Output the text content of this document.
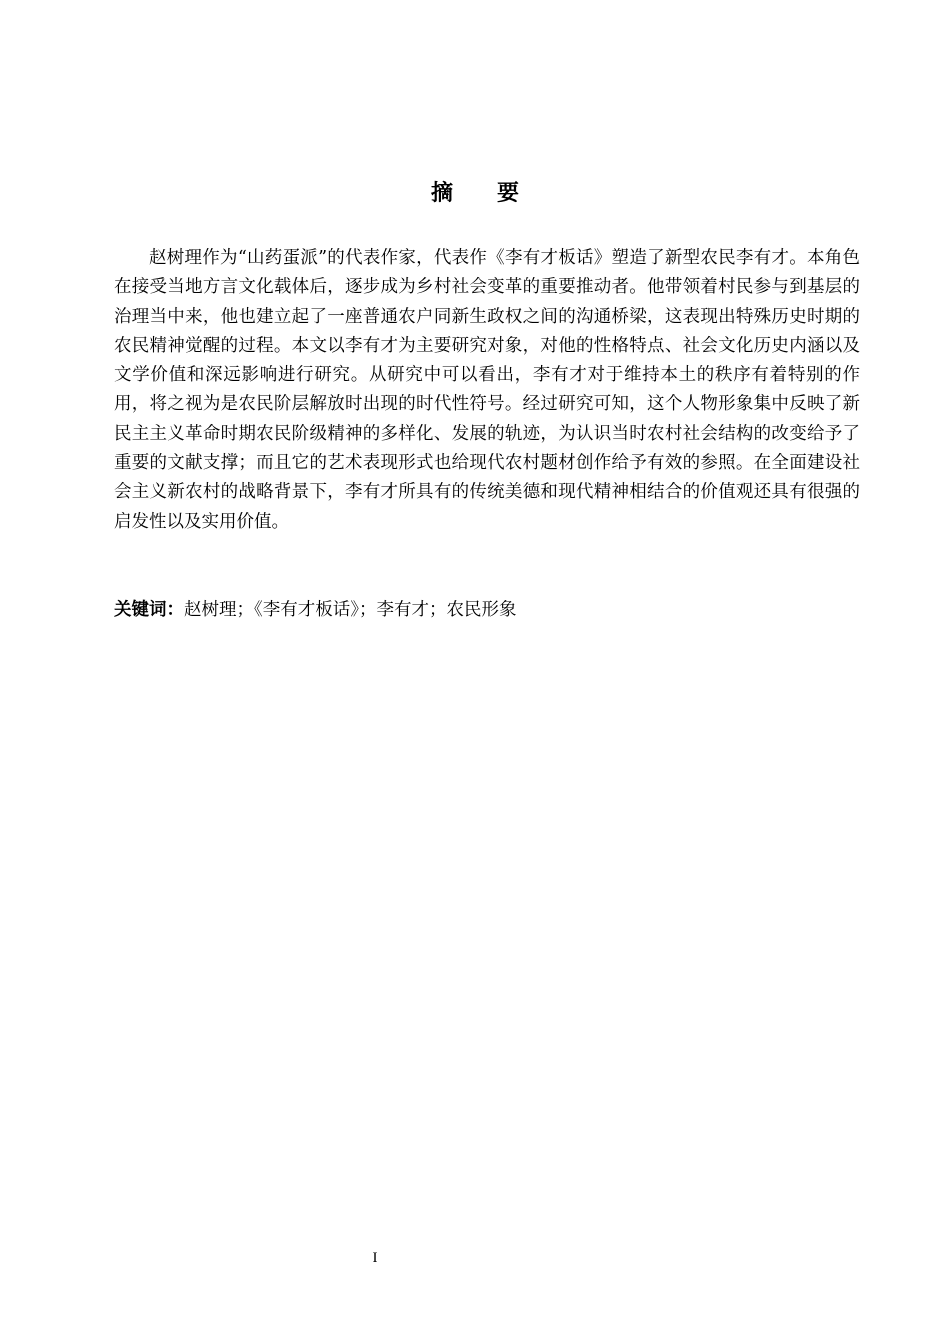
摘 要

赵树理作为“山药蛋派”的代表作家，代表作《李有才板话》塑造了新型农民李有才。本角色在接受当地方言文化载体后，逐步成为乡村社会变革的重要推动者。他带领着村民参与到基层的治理当中来，他也建立起了一座普通农户同新生政权之间的沟通桥梁，这表现出特殊历史时期的农民精神觉醒的过程。本文以李有才为主要研究对象，对他的性格特点、社会文化历史内涵以及文学价值和深远影响进行研究。从研究中可以看出，李有才对于维持本土的秩序有着特别的作用，将之视为是农民阶层解放时出现的时代性符号。经过研究可知，这个人物形象集中反映了新民主主义革命时期农民阶级精神的多样化、发展的轨迹，为认识当时农村社会结构的改变给予了重要的文献支撑；而且它的艺术表现形式也给现代农村题材创作给予有效的参照。在全面建设社会主义新农村的战略背景下，李有才所具有的传统美德和现代精神相结合的价值观还具有很强的启发性以及实用价值。

关键词：赵树理；《李有才板话》；李有才；农民形象

I
